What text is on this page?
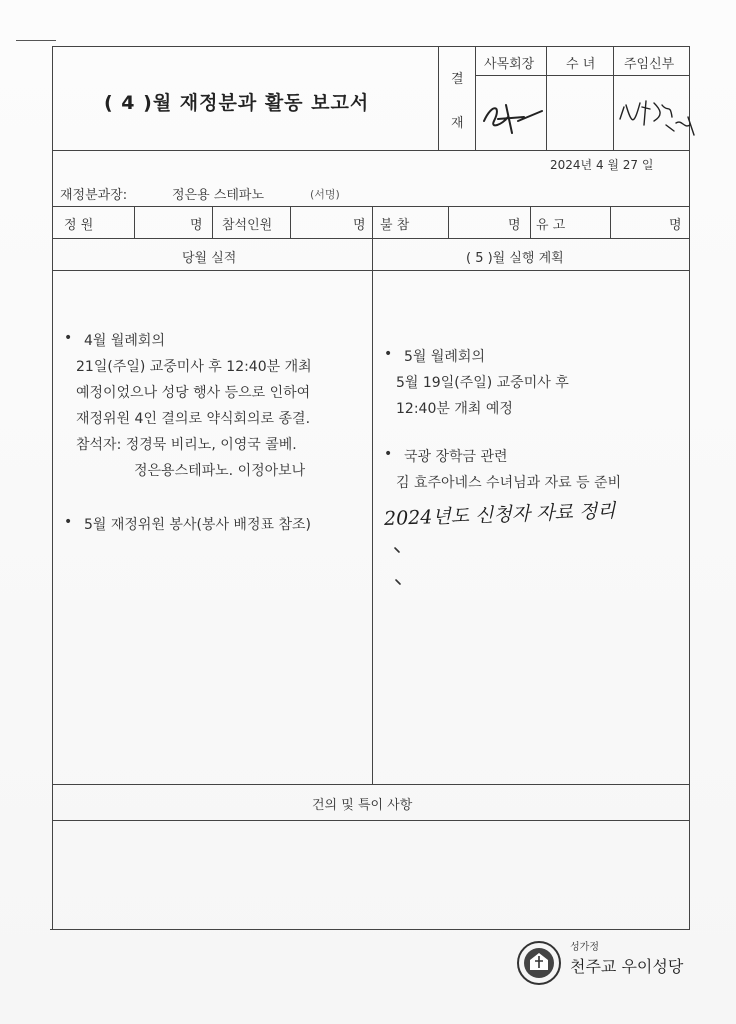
( 4 )월 재정분과 활동 보고서
결
재
사목회장 수 녀 주임신부
2024년 4 월 27 일
재정분과장:	정은용 스테파노	(서명)
정 원	명 참석인원	명 불 참	명 유 고	명
당월 실적	( 5 )월 실행 계획
• 4월 월례회의
21일(주일) 교중미사 후 12:40분 개최
예정이었으나 성당 행사 등으로 인하여
재정위원 4인 결의로 약식회의로 종결.
참석자: 정경묵 비리노, 이영국 콜베.
정은용스테파노. 이정아보나
• 5월 재정위원 봉사(봉사 배정표 참조)
• 5월 월례회의
5월 19일(주일) 교중미사 후
12:40분 개최 예정
• 국광 장학금 관련
김 효주아네스 수녀님과 자료 등 준비
2024년도 신청자 자료 정리
건의 및 특이 사항
성가정
천주교 우이성당
